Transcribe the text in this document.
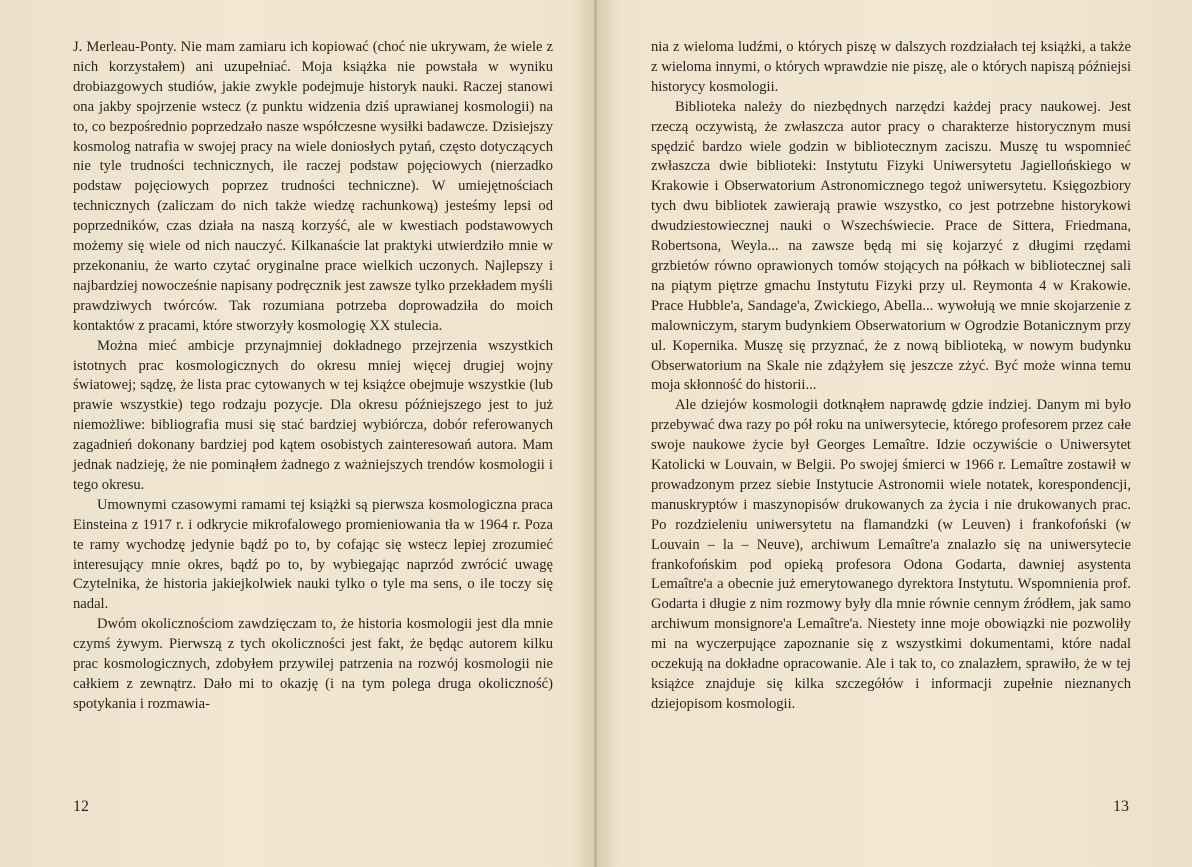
J. Merleau-Ponty. Nie mam zamiaru ich kopiować (choć nie ukrywam, że wiele z nich korzystałem) ani uzupełniać. Moja książka nie powstała w wyniku drobiazgowych studiów, jakie zwykle podejmuje historyk nauki. Raczej stanowi ona jakby spojrzenie wstecz (z punktu widzenia dziś uprawianej kosmologii) na to, co bezpośrednio poprzedzało nasze współczesne wysiłki badawcze. Dzisiejszy kosmolog natrafia w swojej pracy na wiele doniosłych pytań, często dotyczących nie tyle trudności technicznych, ile raczej podstaw pojęciowych (nierzadko podstaw pojęciowych poprzez trudności techniczne). W umiejętnościach technicznych (zaliczam do nich także wiedzę rachunkową) jesteśmy lepsi od poprzedników, czas działa na naszą korzyść, ale w kwestiach podstawowych możemy się wiele od nich nauczyć. Kilkanaście lat praktyki utwierdziło mnie w przekonaniu, że warto czytać oryginalne prace wielkich uczonych. Najlepszy i najbardziej nowocześnie napisany podręcznik jest zawsze tylko przekładem myśli prawdziwych twórców. Tak rozumiana potrzeba doprowadziła do moich kontaktów z pracami, które stworzyły kosmologię XX stulecia.

Można mieć ambicje przynajmniej dokładnego przejrzenia wszystkich istotnych prac kosmologicznych do okresu mniej więcej drugiej wojny światowej; sądzę, że lista prac cytowanych w tej książce obejmuje wszystkie (lub prawie wszystkie) tego rodzaju pozycje. Dla okresu późniejszego jest to już niemożliwe: bibliografia musi się stać bardziej wybiórcza, dobór referowanych zagadnień dokonany bardziej pod kątem osobistych zainteresowań autora. Mam jednak nadzieję, że nie pominąłem żadnego z ważniejszych trendów kosmologii i tego okresu.

Umownymi czasowymi ramami tej książki są pierwsza kosmologiczna praca Einsteina z 1917 r. i odkrycie mikrofalowego promieniowania tła w 1964 r. Poza te ramy wychodzę jedynie bądź po to, by cofając się wstecz lepiej zrozumieć interesujący mnie okres, bądź po to, by wybiegając naprzód zwrócić uwagę Czytelnika, że historia jakiejkolwiek nauki tylko o tyle ma sens, o ile toczy się nadal.

Dwóm okolicznościom zawdzięczam to, że historia kosmologii jest dla mnie czymś żywym. Pierwszą z tych okoliczności jest fakt, że będąc autorem kilku prac kosmologicznych, zdobyłem przywilej patrzenia na rozwój kosmologii nie całkiem z zewnątrz. Dało mi to okazję (i na tym polega druga okoliczność) spotykania i rozmawia-

12

nia z wieloma ludźmi, o których piszę w dalszych rozdziałach tej książki, a także z wieloma innymi, o których wprawdzie nie piszę, ale o których napiszą późniejsi historycy kosmologii.

Biblioteka należy do niezbędnych narzędzi każdej pracy naukowej. Jest rzeczą oczywistą, że zwłaszcza autor pracy o charakterze historycznym musi spędzić bardzo wiele godzin w bibliotecznym zaciszu. Muszę tu wspomnieć zwłaszcza dwie biblioteki: Instytutu Fizyki Uniwersytetu Jagiellońskiego w Krakowie i Obserwatorium Astronomicznego tegoż uniwersytetu. Księgozbiory tych dwu bibliotek zawierają prawie wszystko, co jest potrzebne historykowi dwudziestowiecznej nauki o Wszechświecie. Prace de Sittera, Friedmana, Robertsona, Weyla... na zawsze będą mi się kojarzyć z długimi rzędami grzbietów równo oprawionych tomów stojących na półkach w bibliotecznej sali na piątym piętrze gmachu Instytutu Fizyki przy ul. Reymonta 4 w Krakowie. Prace Hubble'a, Sandage'a, Zwickiego, Abella... wywołują we mnie skojarzenie z malowniczym, starym budynkiem Obserwatorium w Ogrodzie Botanicznym przy ul. Kopernika. Muszę się przyznać, że z nową biblioteką, w nowym budynku Obserwatorium na Skale nie zdążyłem się jeszcze zżyć. Być może winna temu moja skłonność do historii...

Ale dziejów kosmologii dotknąłem naprawdę gdzie indziej. Danym mi było przebywać dwa razy po pół roku na uniwersytecie, którego profesorem przez całe swoje naukowe życie był Georges Lemaître. Idzie oczywiście o Uniwersytet Katolicki w Louvain, w Belgii. Po swojej śmierci w 1966 r. Lemaître zostawił w prowadzonym przez siebie Instytucie Astronomii wiele notatek, korespondencji, manuskryptów i maszynopisów drukowanych za życia i nie drukowanych prac. Po rozdzieleniu uniwersytetu na flamandzki (w Leuven) i frankofoński (w Louvain – la – Neuve), archiwum Lemaître'a znalazło się na uniwersytecie frankofońskim pod opieką profesora Odona Godarta, dawniej asystenta Lemaître'a a obecnie już emerytowanego dyrektora Instytutu. Wspomnienia prof. Godarta i długie z nim rozmowy były dla mnie równie cennym źródłem, jak samo archiwum monsignore'a Lemaître'a. Niestety inne moje obowiązki nie pozwoliły mi na wyczerpujące zapoznanie się z wszystkimi dokumentami, które nadal oczekują na dokładne opracowanie. Ale i tak to, co znalazłem, sprawiło, że w tej książce znajduje się kilka szczegółów i informacji zupełnie nieznanych dziejopisom kosmologii.

13
